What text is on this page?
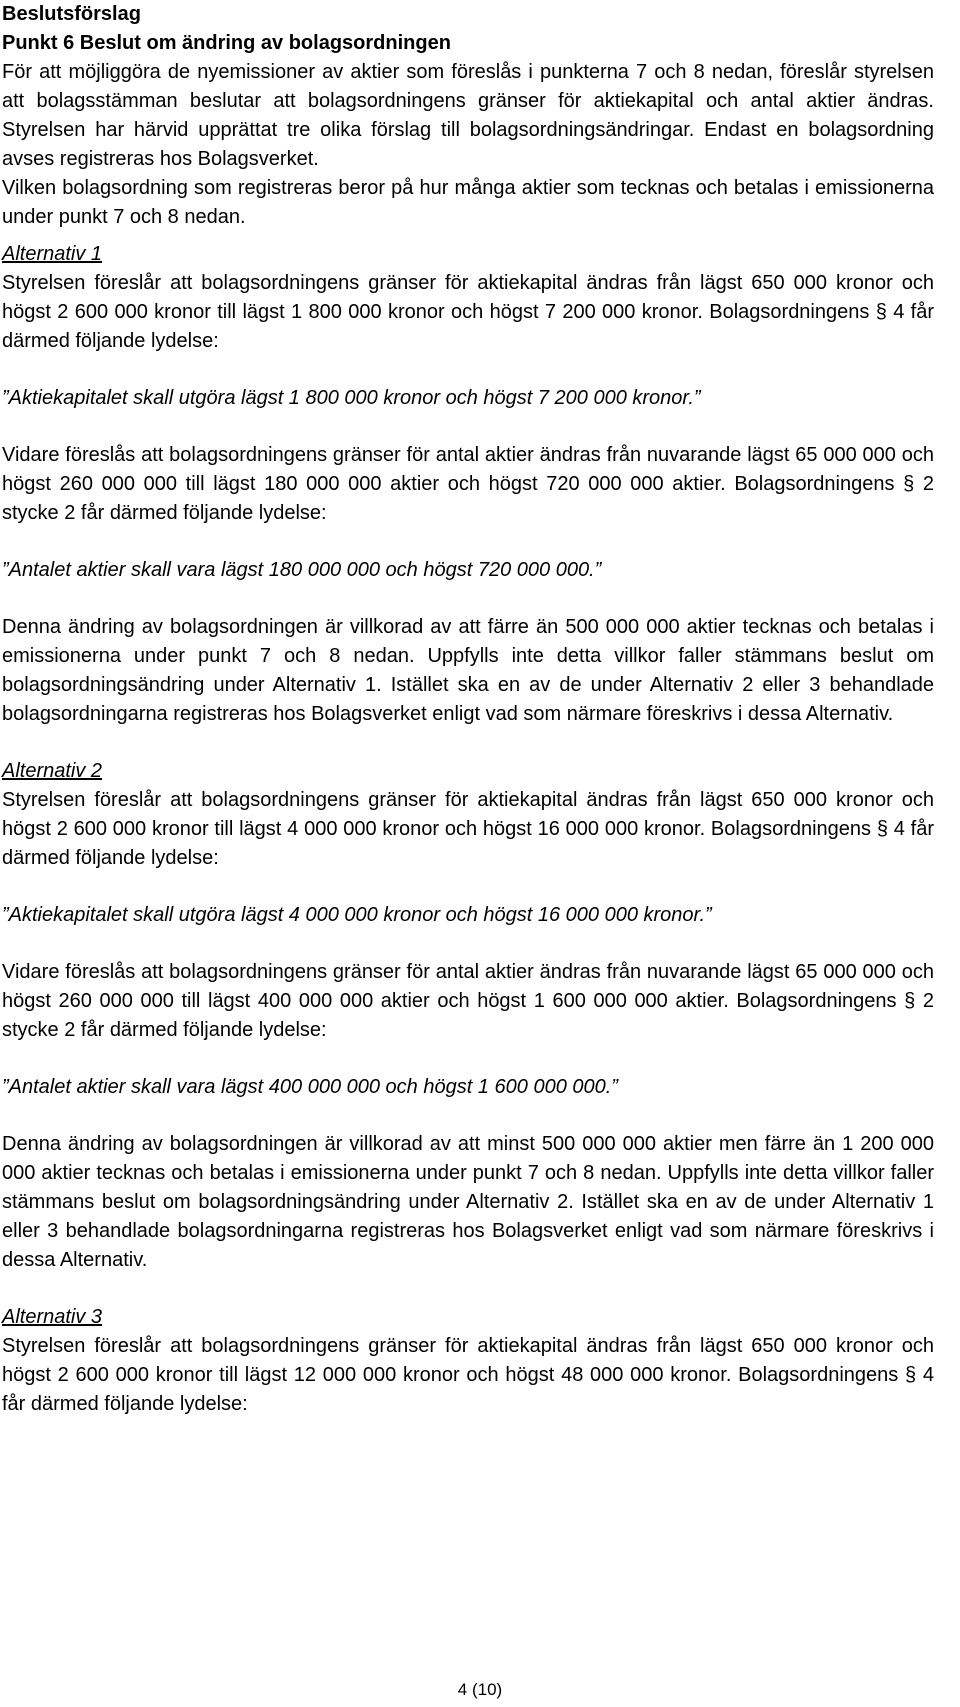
Beslutsförslag

Punkt 6 Beslut om ändring av bolagsordningen

För att möjliggöra de nyemissioner av aktier som föreslås i punkterna 7 och 8 nedan, föreslår styrelsen att bolagsstämman beslutar att bolagsordningens gränser för aktiekapital och antal aktier ändras. Styrelsen har härvid upprättat tre olika förslag till bolagsordningsändringar. Endast en bolagsordning avses registreras hos Bolagsverket.

Vilken bolagsordning som registreras beror på hur många aktier som tecknas och betalas i emissionerna under punkt 7 och 8 nedan.

Alternativ 1

Styrelsen föreslår att bolagsordningens gränser för aktiekapital ändras från lägst 650 000 kronor och högst 2 600 000 kronor till lägst 1 800 000 kronor och högst 7 200 000 kronor. Bolagsordningens § 4 får därmed följande lydelse:

”Aktiekapitalet skall utgöra lägst 1 800 000 kronor och högst 7 200 000 kronor.”

Vidare föreslås att bolagsordningens gränser för antal aktier ändras från nuvarande lägst 65 000 000 och högst 260 000 000 till lägst 180 000 000 aktier och högst 720 000 000 aktier. Bolagsordningens § 2 stycke 2 får därmed följande lydelse:

”Antalet aktier skall vara lägst 180 000 000 och högst 720 000 000.”

Denna ändring av bolagsordningen är villkorad av att färre än 500 000 000 aktier tecknas och betalas i emissionerna under punkt 7 och 8 nedan. Uppfylls inte detta villkor faller stämmans beslut om bolagsordningsändring under Alternativ 1. Istället ska en av de under Alternativ 2 eller 3 behandlade bolagsordningarna registreras hos Bolagsverket enligt vad som närmare föreskrivs i dessa Alternativ.

Alternativ 2

Styrelsen föreslår att bolagsordningens gränser för aktiekapital ändras från lägst 650 000 kronor och högst 2 600 000 kronor till lägst 4 000 000 kronor och högst 16 000 000 kronor. Bolagsordningens § 4 får därmed följande lydelse:

”Aktiekapitalet skall utgöra lägst 4 000 000 kronor och högst 16 000 000 kronor.”

Vidare föreslås att bolagsordningens gränser för antal aktier ändras från nuvarande lägst 65 000 000 och högst 260 000 000 till lägst 400 000 000 aktier och högst 1 600 000 000 aktier. Bolagsordningens § 2 stycke 2 får därmed följande lydelse:

”Antalet aktier skall vara lägst 400 000 000 och högst 1 600 000 000.”

Denna ändring av bolagsordningen är villkorad av att minst 500 000 000 aktier men färre än 1 200 000 000 aktier tecknas och betalas i emissionerna under punkt 7 och 8 nedan. Uppfylls inte detta villkor faller stämmans beslut om bolagsordningsändring under Alternativ 2. Istället ska en av de under Alternativ 1 eller 3 behandlade bolagsordningarna registreras hos Bolagsverket enligt vad som närmare föreskrivs i dessa Alternativ.

Alternativ 3

Styrelsen föreslår att bolagsordningens gränser för aktiekapital ändras från lägst 650 000 kronor och högst 2 600 000 kronor till lägst 12 000 000 kronor och högst 48 000 000 kronor. Bolagsordningens § 4 får därmed följande lydelse:

4 (10)
